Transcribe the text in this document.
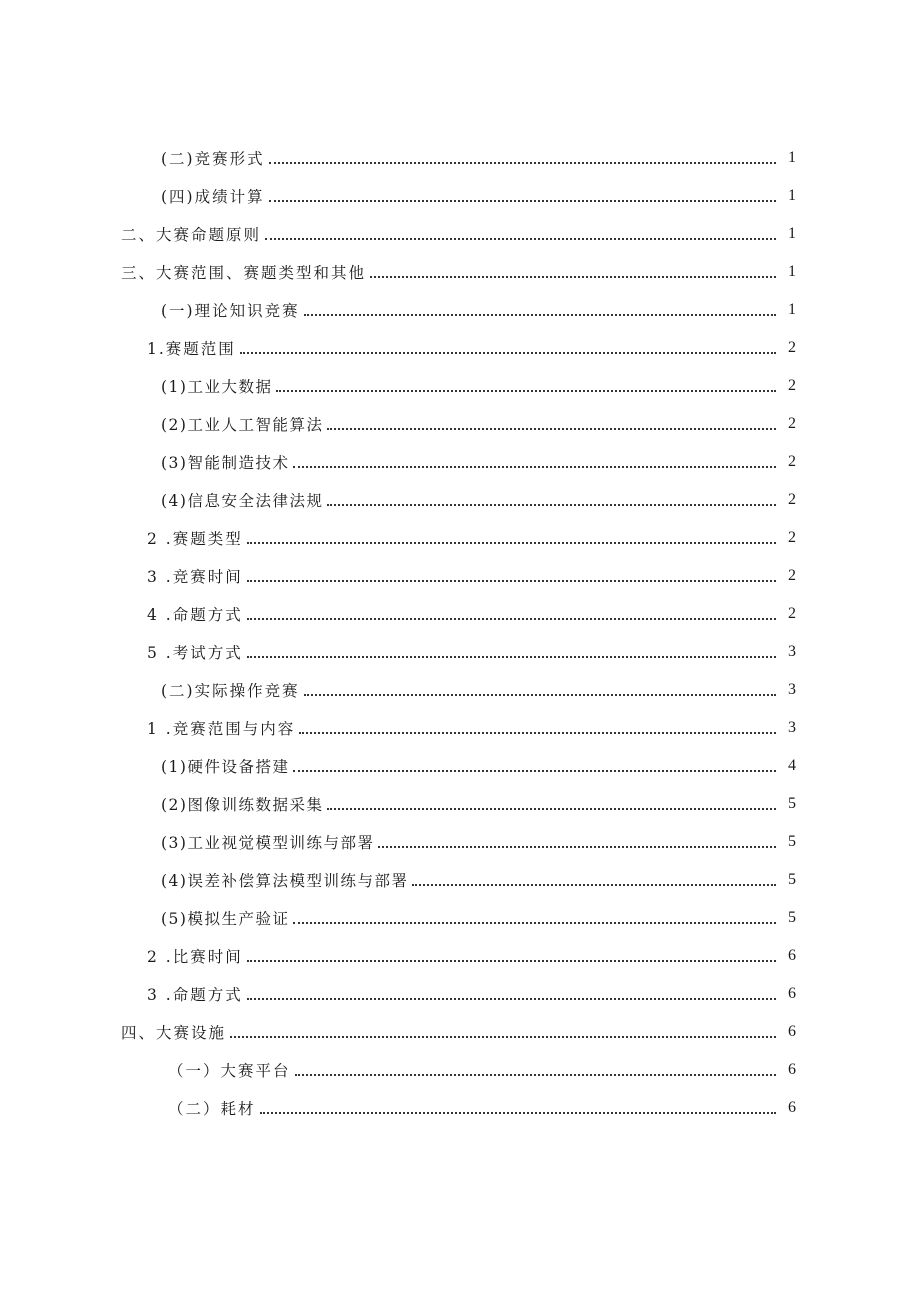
(二)竞赛形式	1
(四)成绩计算	1
二、大赛命题原则	1
三、大赛范围、赛题类型和其他	1
(一)理论知识竞赛	1
1.赛题范围	2
(1)工业大数据	2
(2)工业人工智能算法	2
(3)智能制造技术	2
(4)信息安全法律法规	2
2 .赛题类型	2
3 .竞赛时间	2
4 .命题方式	2
5 .考试方式	3
(二)实际操作竞赛	3
1 .竞赛范围与内容	3
(1)硬件设备搭建	4
(2)图像训练数据采集	5
(3)工业视觉模型训练与部署	5
(4)误差补偿算法模型训练与部署	5
(5)模拟生产验证	5
2 .比赛时间	6
3 .命题方式	6
四、大赛设施	6
（一）大赛平台	6
（二）耗材	6
